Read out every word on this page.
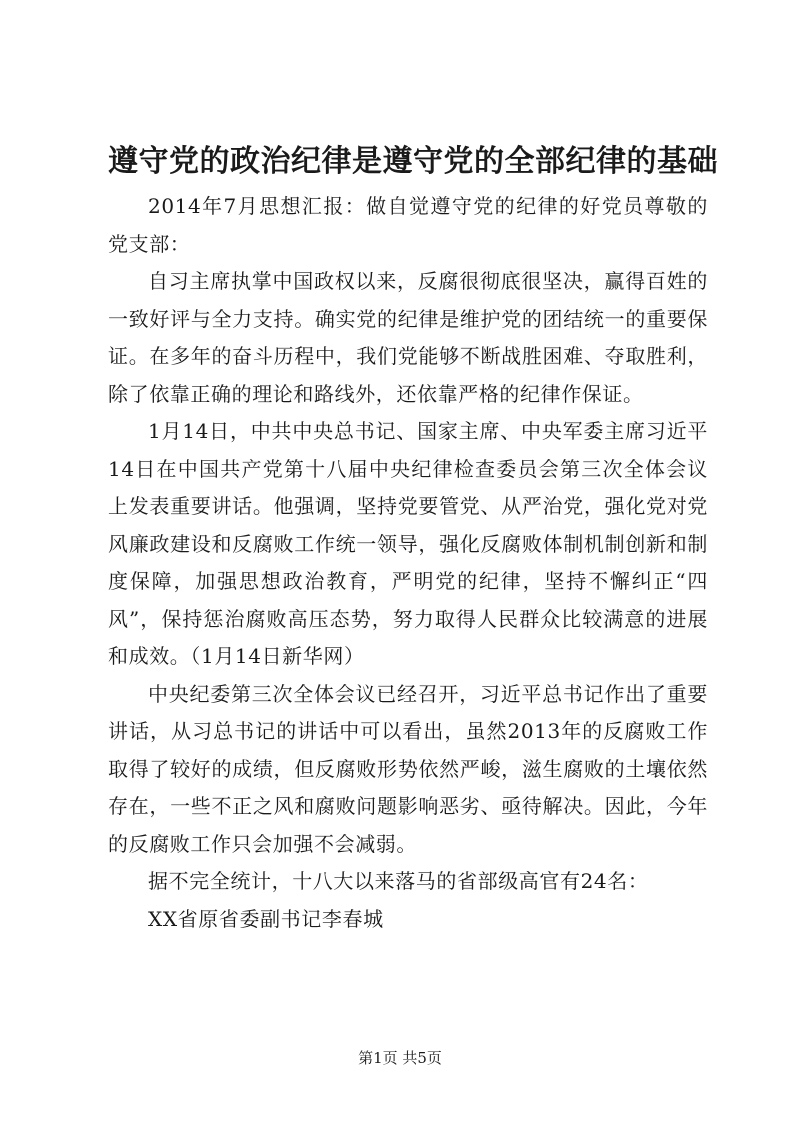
遵守党的政治纪律是遵守党的全部纪律的基础

2014年7月思想汇报：做自觉遵守党的纪律的好党员尊敬的党支部：

自习主席执掌中国政权以来，反腐很彻底很坚决，赢得百姓的一致好评与全力支持。确实党的纪律是维护党的团结统一的重要保证。在多年的奋斗历程中，我们党能够不断战胜困难、夺取胜利，除了依靠正确的理论和路线外，还依靠严格的纪律作保证。

1月14日，中共中央总书记、国家主席、中央军委主席习近平14日在中国共产党第十八届中央纪律检查委员会第三次全体会议上发表重要讲话。他强调，坚持党要管党、从严治党，强化党对党风廉政建设和反腐败工作统一领导，强化反腐败体制机制创新和制度保障，加强思想政治教育，严明党的纪律，坚持不懈纠正“四风”，保持惩治腐败高压态势，努力取得人民群众比较满意的进展和成效。（1月14日新华网）

中央纪委第三次全体会议已经召开，习近平总书记作出了重要讲话，从习总书记的讲话中可以看出，虽然2013年的反腐败工作取得了较好的成绩，但反腐败形势依然严峻，滋生腐败的土壤依然存在，一些不正之风和腐败问题影响恶劣、亟待解决。因此，今年的反腐败工作只会加强不会减弱。

据不完全统计，十八大以来落马的省部级高官有24名：

XX省原省委副书记李春城

第1页 共5页
